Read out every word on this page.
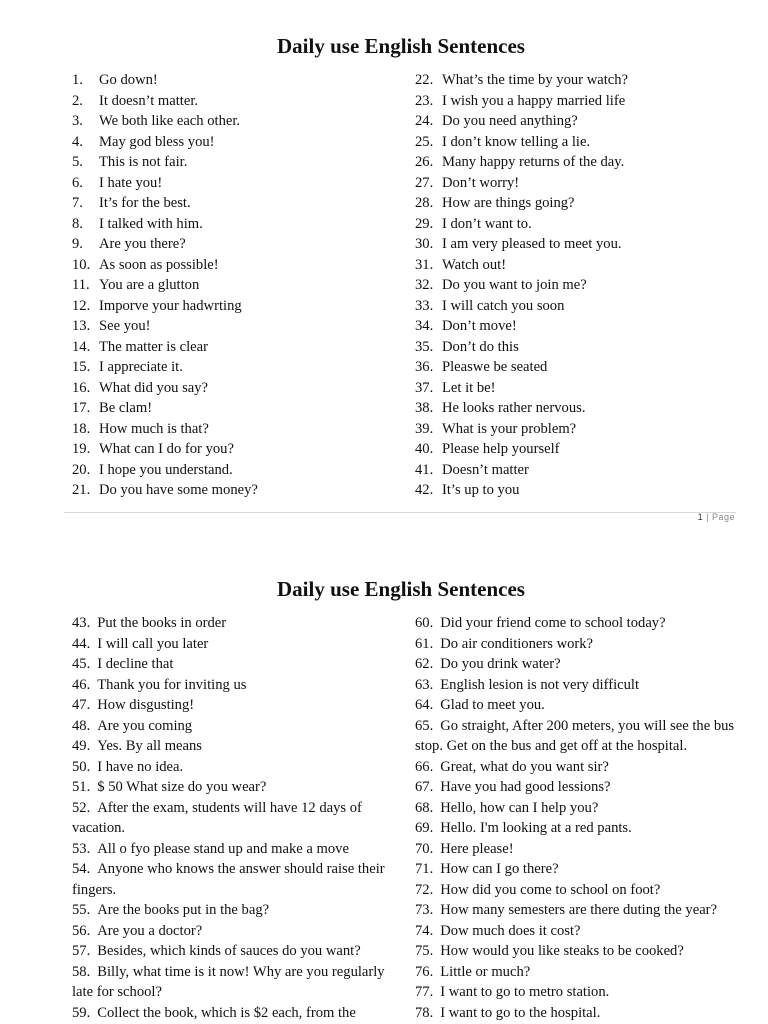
Daily use English Sentences
1. Go down!
2. It doesn’t matter.
3. We both like each other.
4. May god bless you!
5. This is not fair.
6. I hate you!
7. It’s for the best.
8. I talked with him.
9. Are you there?
10. As soon as possible!
11. You are a glutton
12. Imporve your hadwrting
13. See you!
14. The matter is clear
15. I appreciate it.
16. What did you say?
17. Be clam!
18. How much is that?
19. What can I do for you?
20. I hope you understand.
21. Do you have some money?
22. What’s the time by your watch?
23. I wish you a happy married life
24. Do you need anything?
25. I don’t know telling a lie.
26. Many happy returns of the day.
27. Don’t worry!
28. How are things going?
29. I don’t want to.
30. I am very pleased to meet you.
31. Watch out!
32. Do you want to join me?
33. I will catch you soon
34. Don’t move!
35. Don’t do this
36. Pleaswe be seated
37. Let it be!
38. He looks rather nervous.
39. What is your problem?
40. Please help yourself
41. Doesn’t matter
42. It’s up to you
1 | Page
Daily use English Sentences
43. Put the books in order
44. I will call you later
45. I decline that
46. Thank you for inviting us
47. How disgusting!
48. Are you coming
49. Yes. By all means
50. I have no idea.
51. $ 50 What size do you wear?
52. After the exam, students will have 12 days of vacation.
53. All o fyo please stand up and make a move
54. Anyone who knows the answer should raise their fingers.
55. Are the books put in the bag?
56. Are you a doctor?
57. Besides, which kinds of sauces do you want?
58. Billy, what time is it now! Why are you regularly late for school?
59. Collect the book, which is $2 each, from the
60. Did your friend come to school today?
61. Do air conditioners work?
62. Do you drink water?
63. English lesion is not very difficult
64. Glad to meet you.
65. Go straight, After 200 meters, you will see the bus stop. Get on the bus and get off at the hospital.
66. Great, what do you want sir?
67. Have you had good lessions?
68. Hello, how can I help you?
69. Hello. I'm looking at a red pants.
70. Here please!
71. How can I go there?
72. How did you come to school on foot?
73. How many semesters are there duting the year?
74. Dow much does it cost?
75. How would you like steaks to be cooked?
76. Little or much?
77. I want to go to metro station.
78. I want to go to the hospital.
